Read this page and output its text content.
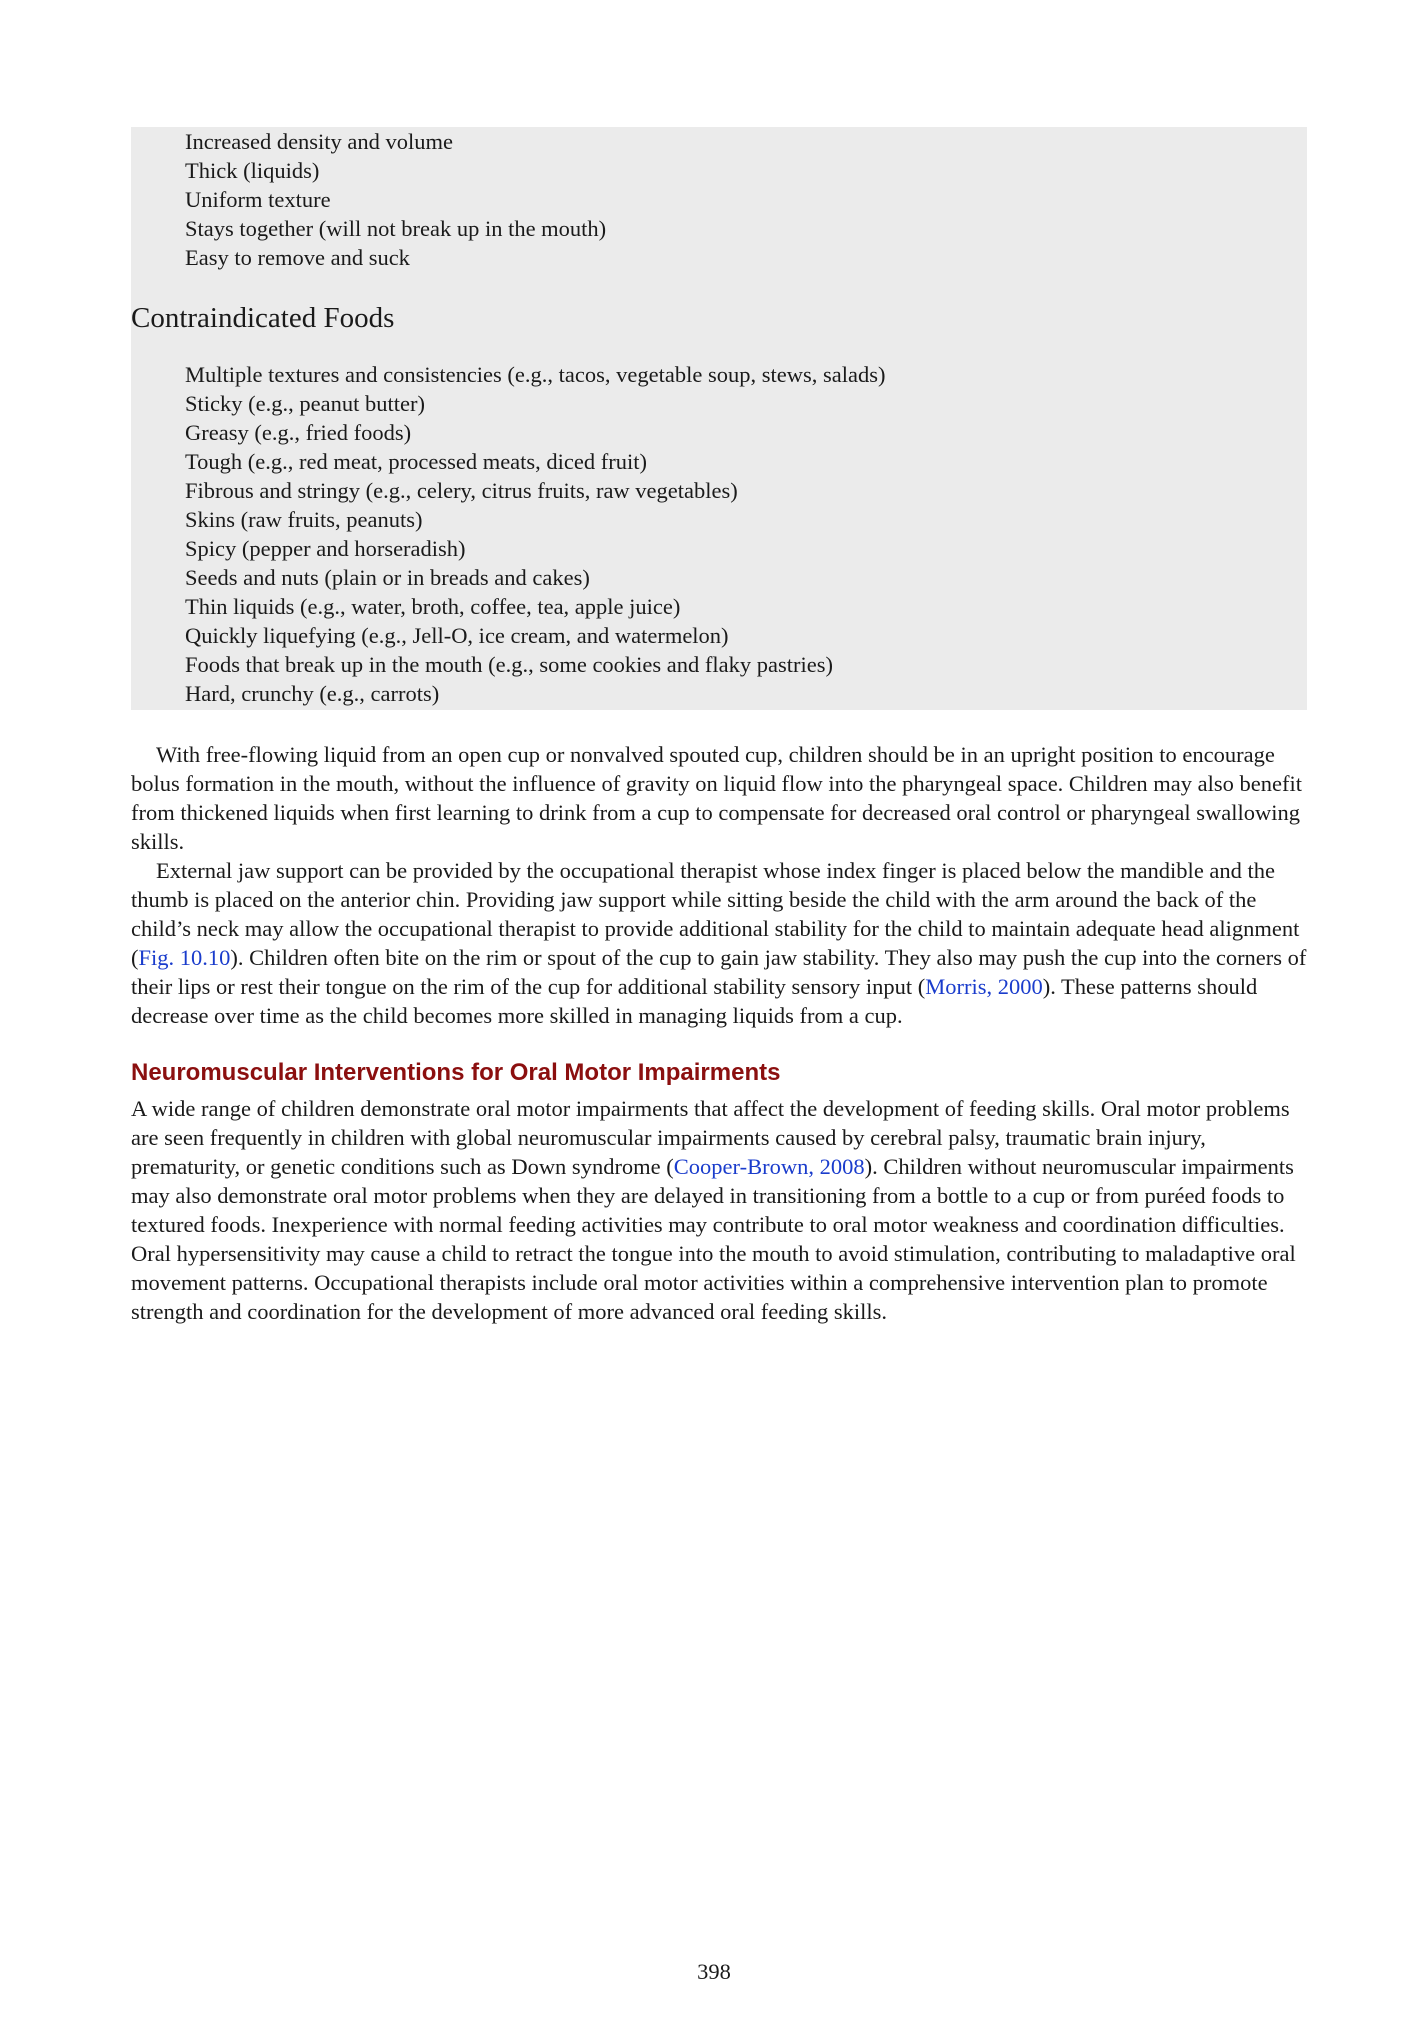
Increased density and volume
Thick (liquids)
Uniform texture
Stays together (will not break up in the mouth)
Easy to remove and suck
Contraindicated Foods
Multiple textures and consistencies (e.g., tacos, vegetable soup, stews, salads)
Sticky (e.g., peanut butter)
Greasy (e.g., fried foods)
Tough (e.g., red meat, processed meats, diced fruit)
Fibrous and stringy (e.g., celery, citrus fruits, raw vegetables)
Skins (raw fruits, peanuts)
Spicy (pepper and horseradish)
Seeds and nuts (plain or in breads and cakes)
Thin liquids (e.g., water, broth, coffee, tea, apple juice)
Quickly liquefying (e.g., Jell-O, ice cream, and watermelon)
Foods that break up in the mouth (e.g., some cookies and flaky pastries)
Hard, crunchy (e.g., carrots)

With free-flowing liquid from an open cup or nonvalved spouted cup, children should be in an upright position to encourage bolus formation in the mouth, without the influence of gravity on liquid flow into the pharyngeal space. Children may also benefit from thickened liquids when first learning to drink from a cup to compensate for decreased oral control or pharyngeal swallowing skills.

External jaw support can be provided by the occupational therapist whose index finger is placed below the mandible and the thumb is placed on the anterior chin. Providing jaw support while sitting beside the child with the arm around the back of the child’s neck may allow the occupational therapist to provide additional stability for the child to maintain adequate head alignment (Fig. 10.10). Children often bite on the rim or spout of the cup to gain jaw stability. They also may push the cup into the corners of their lips or rest their tongue on the rim of the cup for additional stability sensory input (Morris, 2000). These patterns should decrease over time as the child becomes more skilled in managing liquids from a cup.

Neuromuscular Interventions for Oral Motor Impairments

A wide range of children demonstrate oral motor impairments that affect the development of feeding skills. Oral motor problems are seen frequently in children with global neuromuscular impairments caused by cerebral palsy, traumatic brain injury, prematurity, or genetic conditions such as Down syndrome (Cooper-Brown, 2008). Children without neuromuscular impairments may also demonstrate oral motor problems when they are delayed in transitioning from a bottle to a cup or from puréed foods to textured foods. Inexperience with normal feeding activities may contribute to oral motor weakness and coordination difficulties. Oral hypersensitivity may cause a child to retract the tongue into the mouth to avoid stimulation, contributing to maladaptive oral movement patterns. Occupational therapists include oral motor activities within a comprehensive intervention plan to promote strength and coordination for the development of more advanced oral feeding skills.

398
